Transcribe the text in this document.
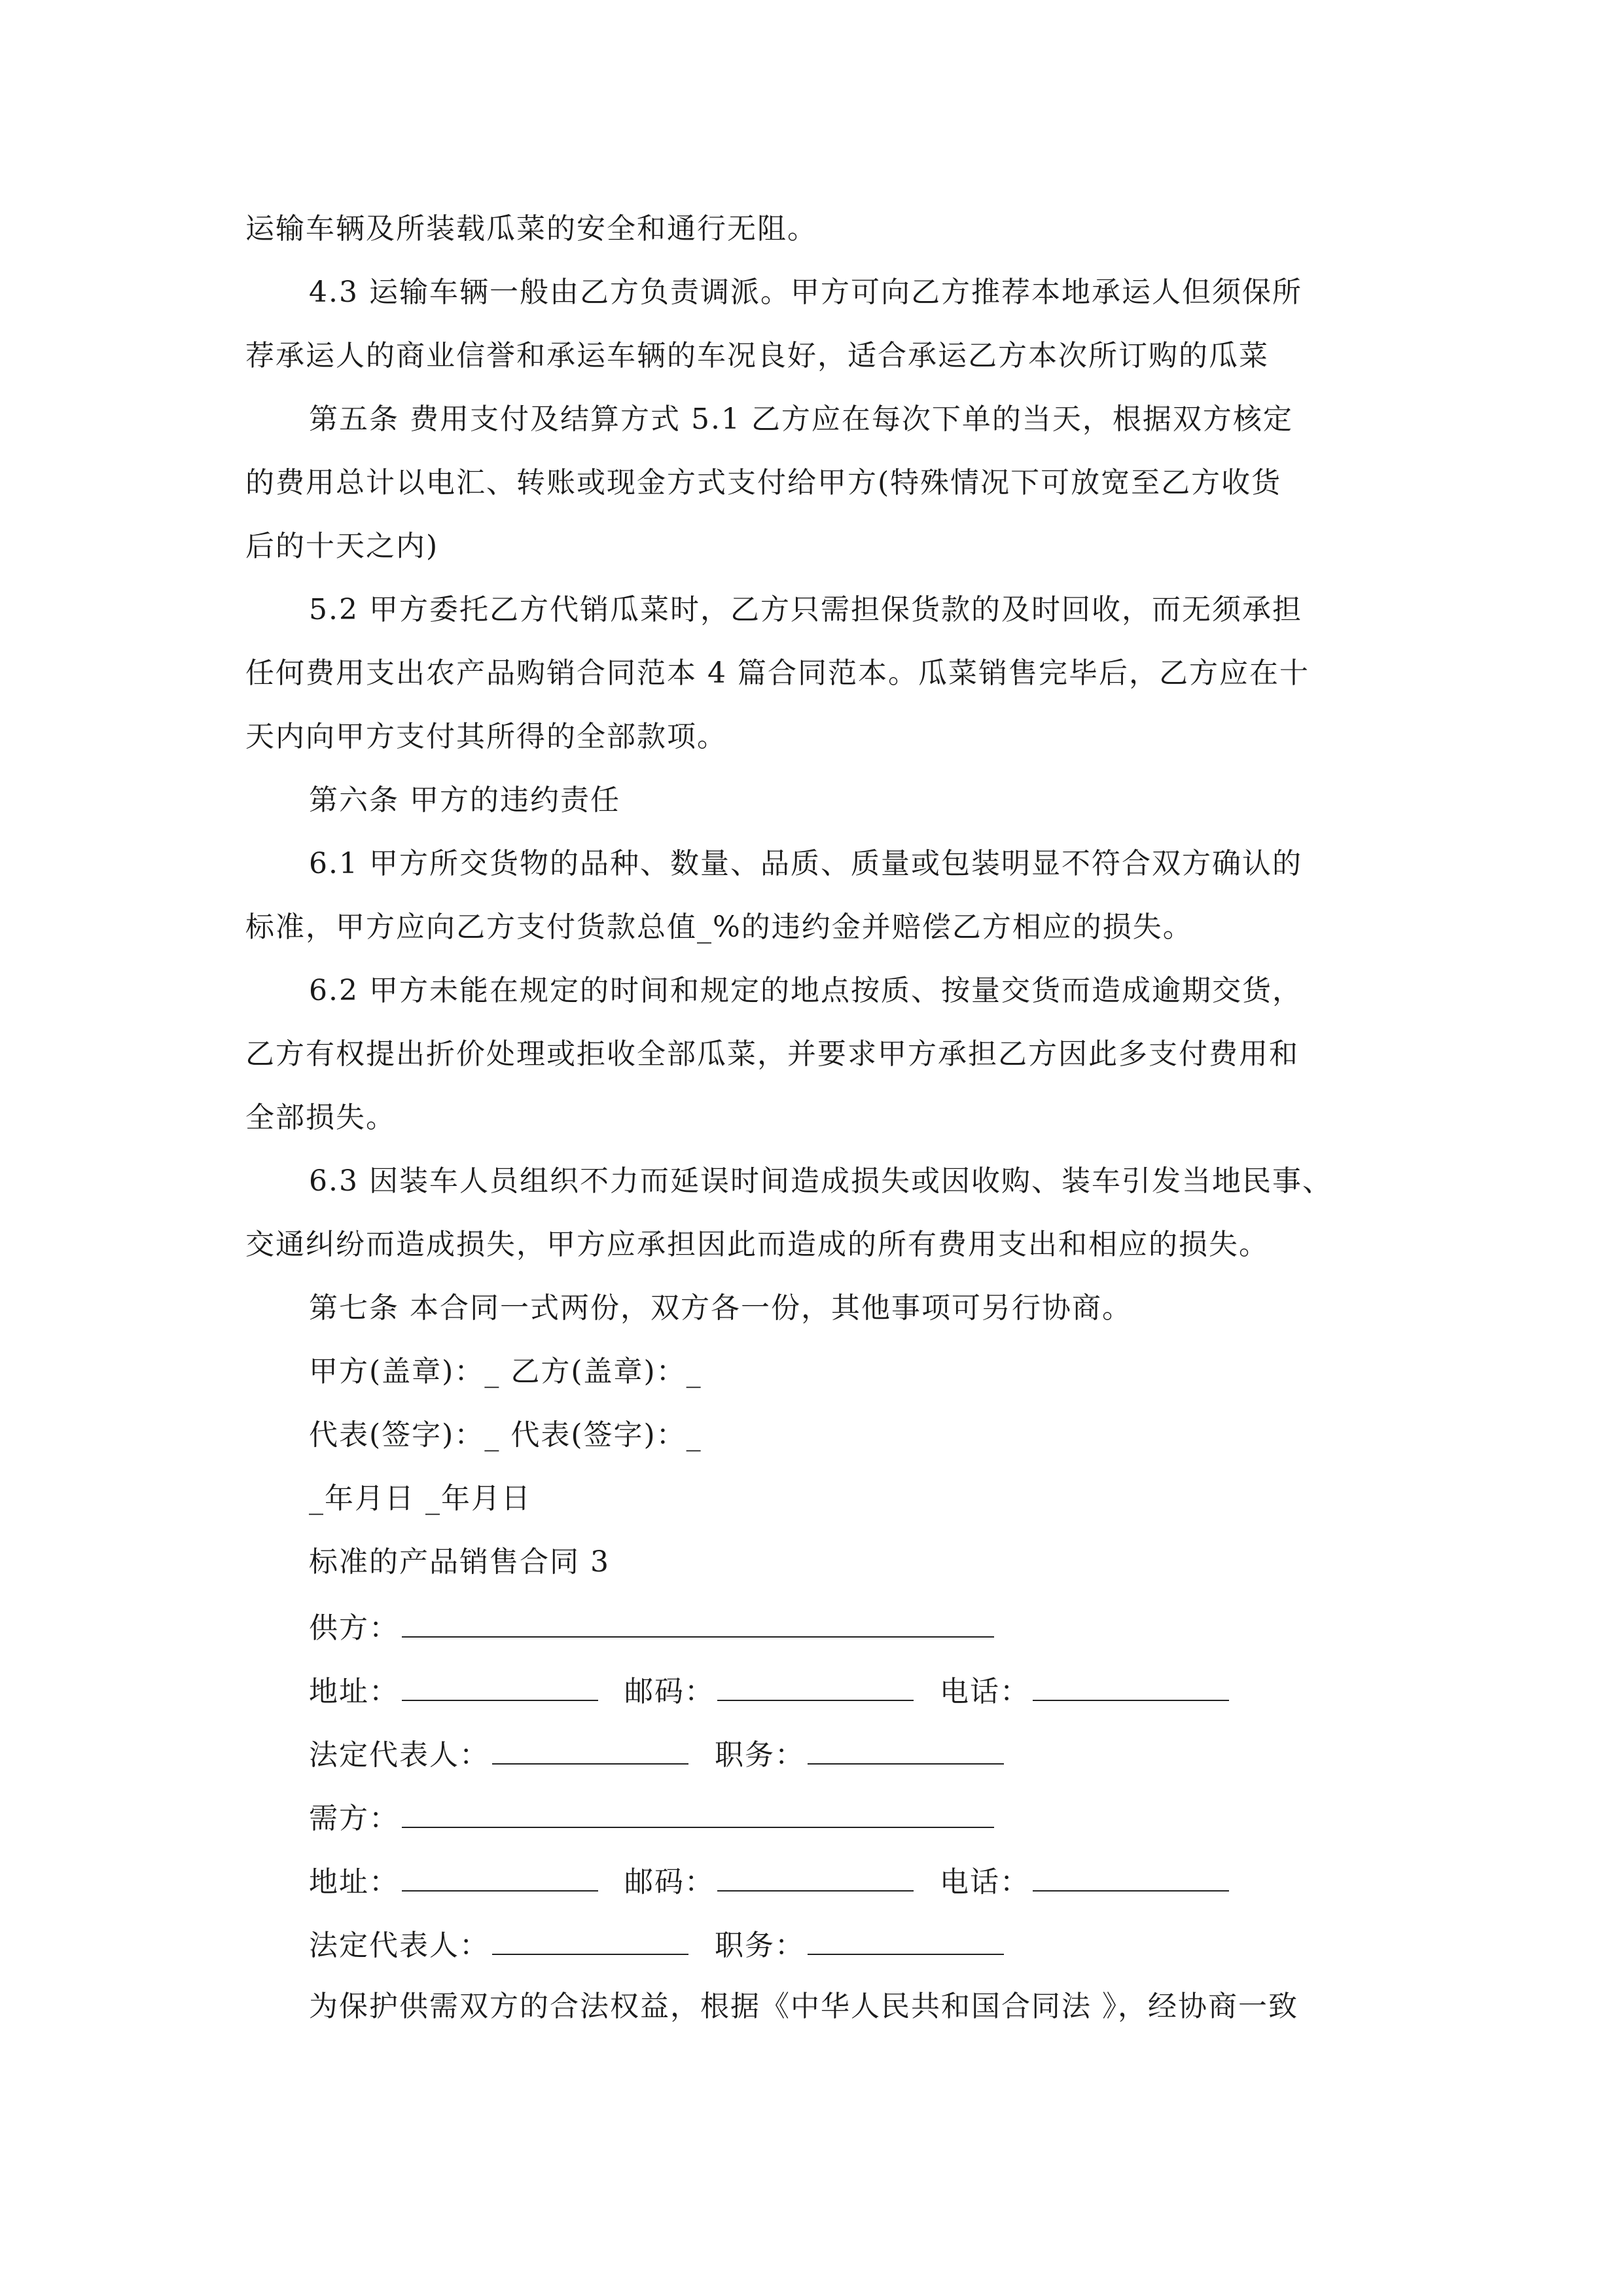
运输车辆及所装载瓜菜的安全和通行无阻。
4.3 运输车辆一般由乙方负责调派。甲方可向乙方推荐本地承运人但须保所
荐承运人的商业信誉和承运车辆的车况良好，适合承运乙方本次所订购的瓜菜
第五条 费用支付及结算方式 5.1 乙方应在每次下单的当天，根据双方核定
的费用总计以电汇、转账或现金方式支付给甲方(特殊情况下可放宽至乙方收货
后的十天之内)
5.2 甲方委托乙方代销瓜菜时，乙方只需担保货款的及时回收，而无须承担
任何费用支出农产品购销合同范本 4 篇合同范本。瓜菜销售完毕后，乙方应在十
天内向甲方支付其所得的全部款项。
第六条 甲方的违约责任
6.1 甲方所交货物的品种、数量、品质、质量或包装明显不符合双方确认的
标准，甲方应向乙方支付货款总值_%的违约金并赔偿乙方相应的损失。
6.2 甲方未能在规定的时间和规定的地点按质、按量交货而造成逾期交货，
乙方有权提出折价处理或拒收全部瓜菜，并要求甲方承担乙方因此多支付费用和
全部损失。
6.3 因装车人员组织不力而延误时间造成损失或因收购、装车引发当地民事、
交通纠纷而造成损失，甲方应承担因此而造成的所有费用支出和相应的损失。
第七条 本合同一式两份，双方各一份，其他事项可另行协商。
甲方(盖章)：_ 乙方(盖章)：_
代表(签字)：_ 代表(签字)：_
_年月日 _年月日
标准的产品销售合同 3
供方：
地址：	邮码：	电话：
法定代表人：	职务：
需方：
地址：	邮码：	电话：
法定代表人：	职务：
为保护供需双方的合法权益，根据《中华人民共和国合同法 》，经协商一致
